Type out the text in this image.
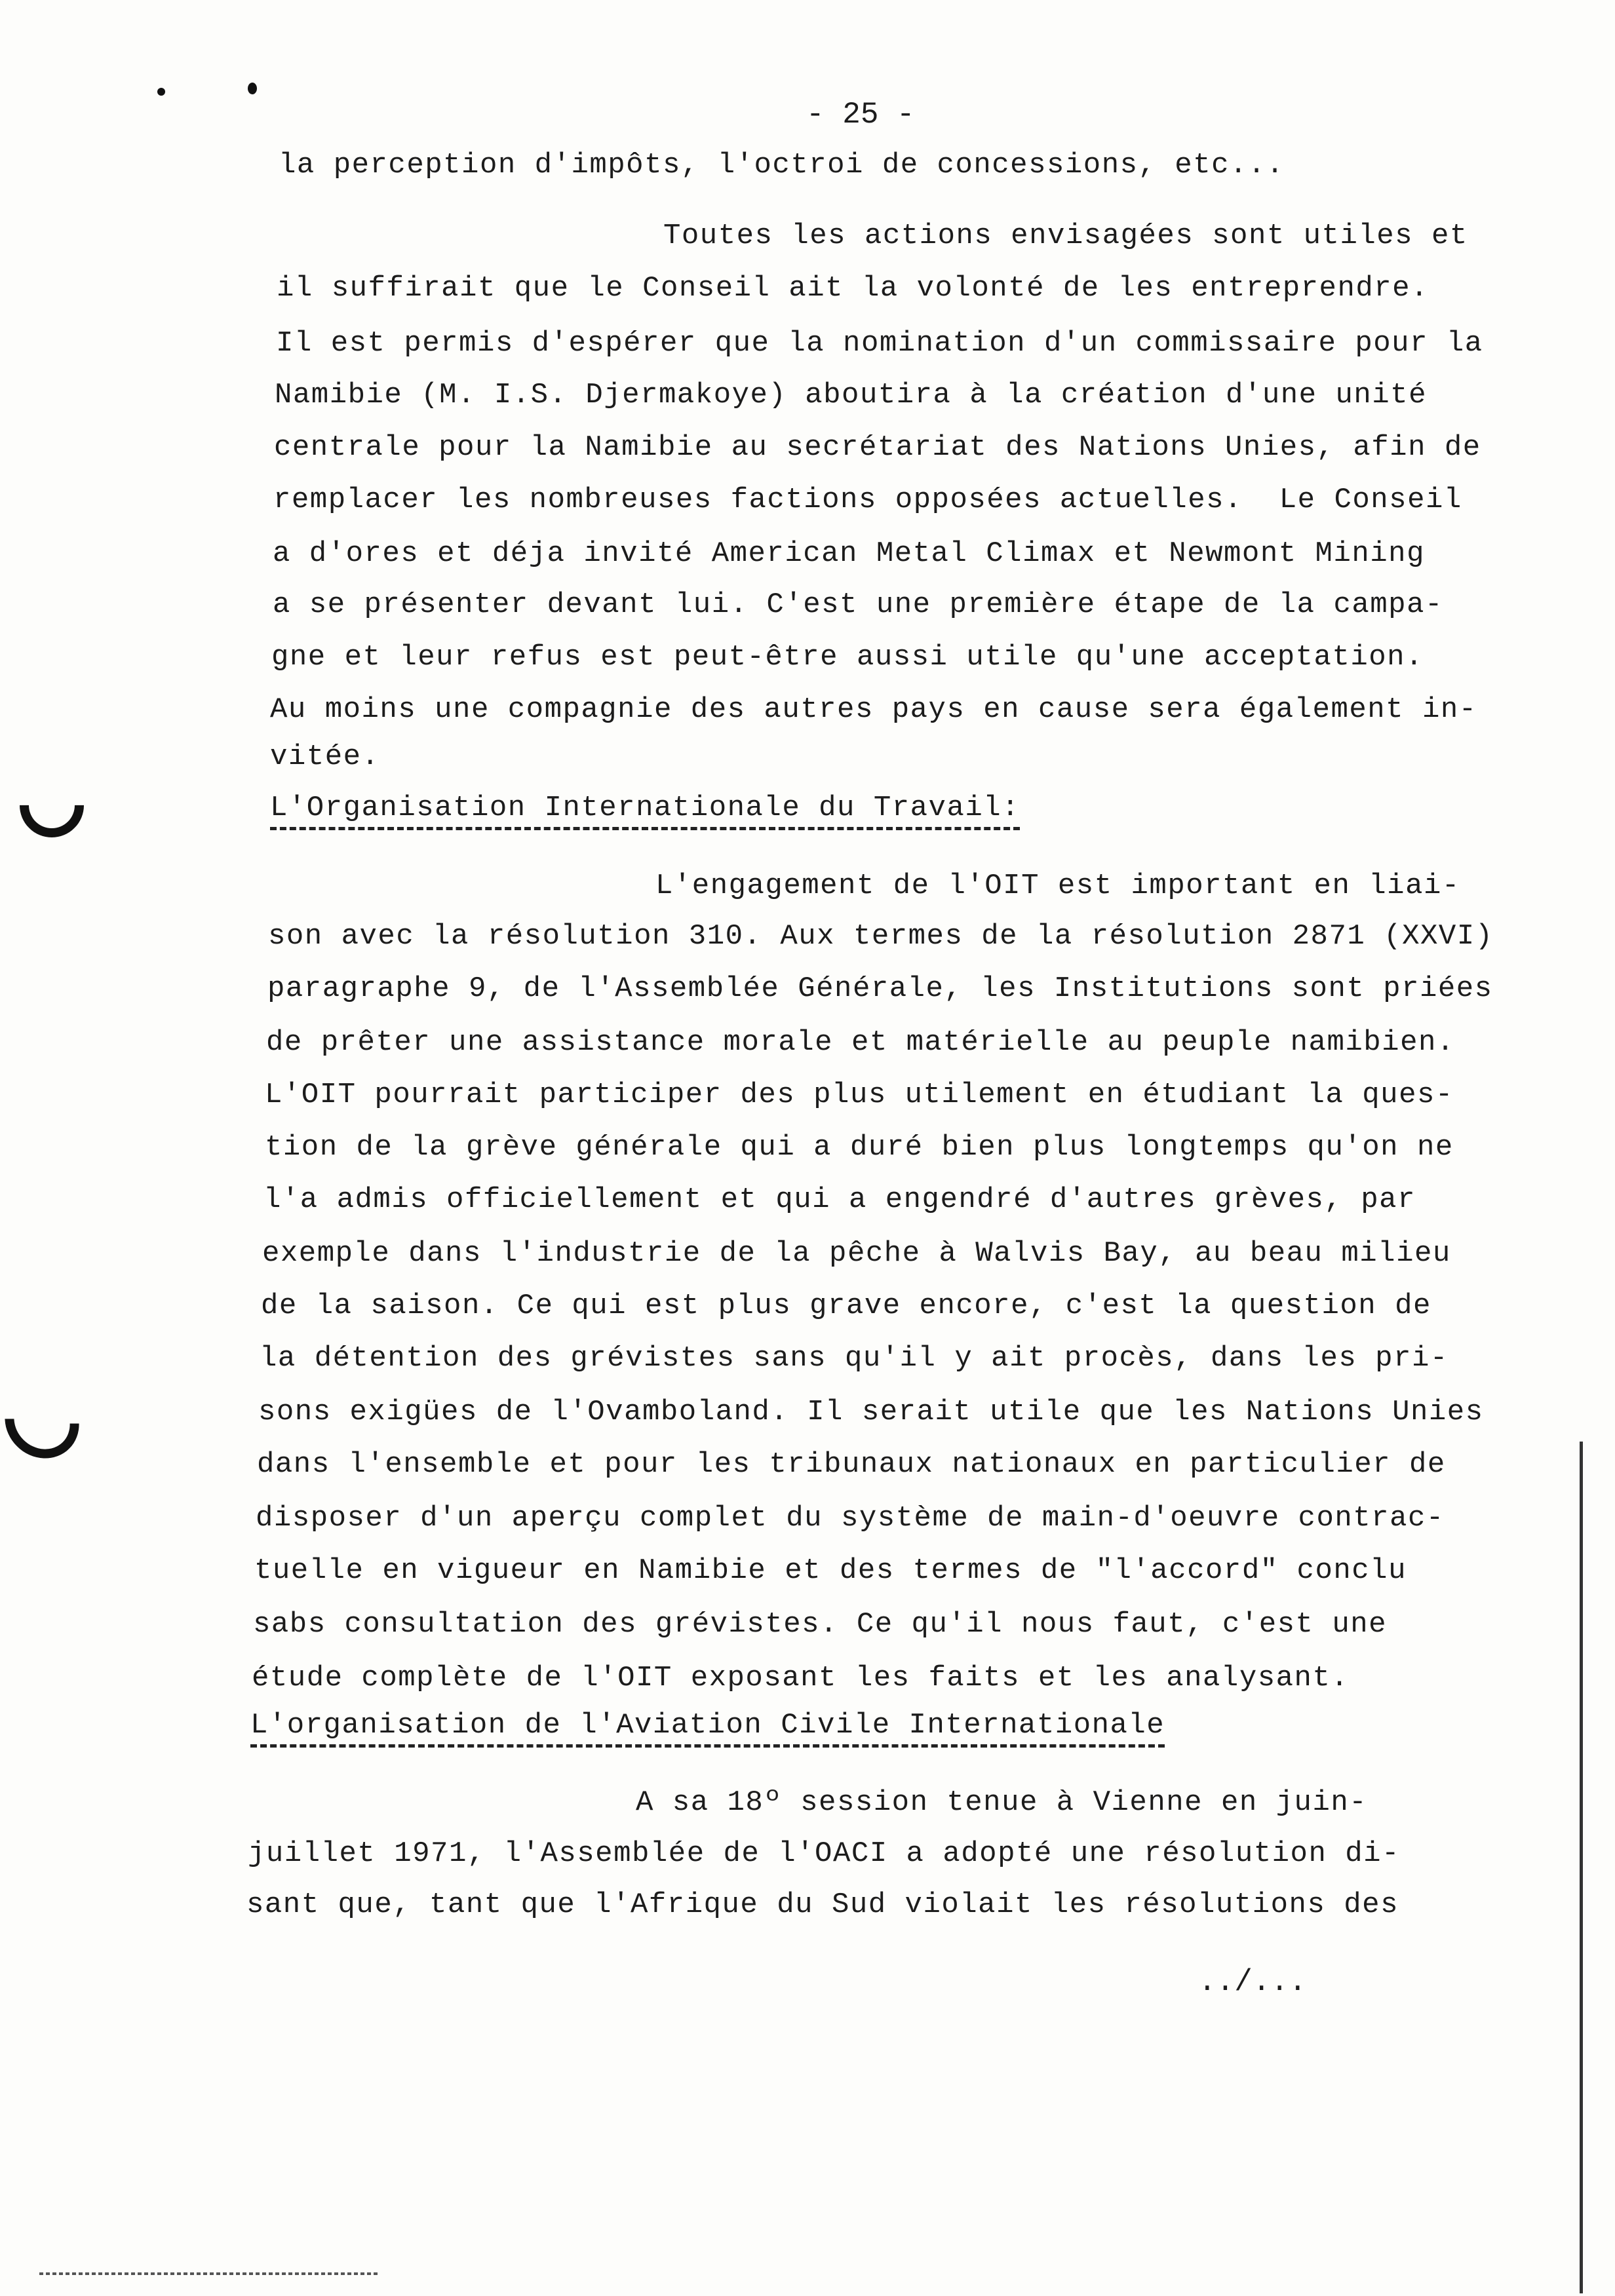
- 25 -
la perception d'impôts, l'octroi de concessions, etc...
Toutes les actions envisagées sont utiles et
il suffirait que le Conseil ait la volonté de les entreprendre.
Il est permis d'espérer que la nomination d'un commissaire pour la
Namibie (M. I.S. Djermakoye) aboutira à la création d'une unité
centrale pour la Namibie au secrétariat des Nations Unies, afin de
remplacer les nombreuses factions opposées actuelles.  Le Conseil
a d'ores et déja invité American Metal Climax et Newmont Mining
a se présenter devant lui. C'est une première étape de la campa-
gne et leur refus est peut-être aussi utile qu'une acceptation.
Au moins une compagnie des autres pays en cause sera également in-
vitée.
L'Organisation Internationale du Travail:
L'engagement de l'OIT est important en liai-
son avec la résolution 310. Aux termes de la résolution 2871 (XXVI)
paragraphe 9, de l'Assemblée Générale, les Institutions sont priées
de prêter une assistance morale et matérielle au peuple namibien.
L'OIT pourrait participer des plus utilement en étudiant la ques-
tion de la grève générale qui a duré bien plus longtemps qu'on ne
l'a admis officiellement et qui a engendré d'autres grèves, par
exemple dans l'industrie de la pêche à Walvis Bay, au beau milieu
de la saison. Ce qui est plus grave encore, c'est la question de
la détention des grévistes sans qu'il y ait procès, dans les pri-
sons exigües de l'Ovamboland. Il serait utile que les Nations Unies
dans l'ensemble et pour les tribunaux nationaux en particulier de
disposer d'un aperçu complet du système de main-d'oeuvre contrac-
tuelle en vigueur en Namibie et des termes de "l'accord" conclu
sabs consultation des grévistes. Ce qu'il nous faut, c'est une
étude complète de l'OIT exposant les faits et les analysant.
L'organisation de l'Aviation Civile Internationale
A sa 18º session tenue à Vienne en juin-
juillet 1971, l'Assemblée de l'OACI a adopté une résolution di-
sant que, tant que l'Afrique du Sud violait les résolutions des
../...
